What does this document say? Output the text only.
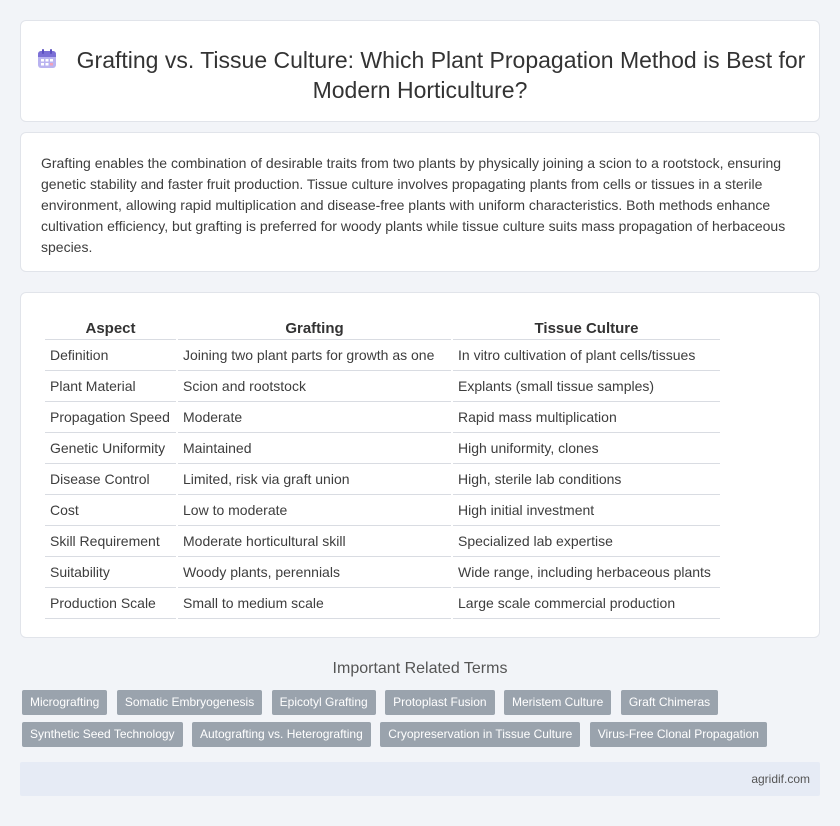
Grafting vs. Tissue Culture: Which Plant Propagation Method is Best for Modern Horticulture?

Grafting enables the combination of desirable traits from two plants by physically joining a scion to a rootstock, ensuring genetic stability and faster fruit production. Tissue culture involves propagating plants from cells or tissues in a sterile environment, allowing rapid multiplication and disease-free plants with uniform characteristics. Both methods enhance cultivation efficiency, but grafting is preferred for woody plants while tissue culture suits mass propagation of herbaceous species.

Aspect	Grafting	Tissue Culture
Definition	Joining two plant parts for growth as one	In vitro cultivation of plant cells/tissues
Plant Material	Scion and rootstock	Explants (small tissue samples)
Propagation Speed	Moderate	Rapid mass multiplication
Genetic Uniformity	Maintained	High uniformity, clones
Disease Control	Limited, risk via graft union	High, sterile lab conditions
Cost	Low to moderate	High initial investment
Skill Requirement	Moderate horticultural skill	Specialized lab expertise
Suitability	Woody plants, perennials	Wide range, including herbaceous plants
Production Scale	Small to medium scale	Large scale commercial production
Important Related Terms
Micrografting Somatic Embryogenesis Epicotyl Grafting Protoplast Fusion Meristem Culture Graft Chimeras
Synthetic Seed Technology Autografting vs. Heterografting Cryopreservation in Tissue Culture Virus-Free Clonal Propagation
agridif.com
